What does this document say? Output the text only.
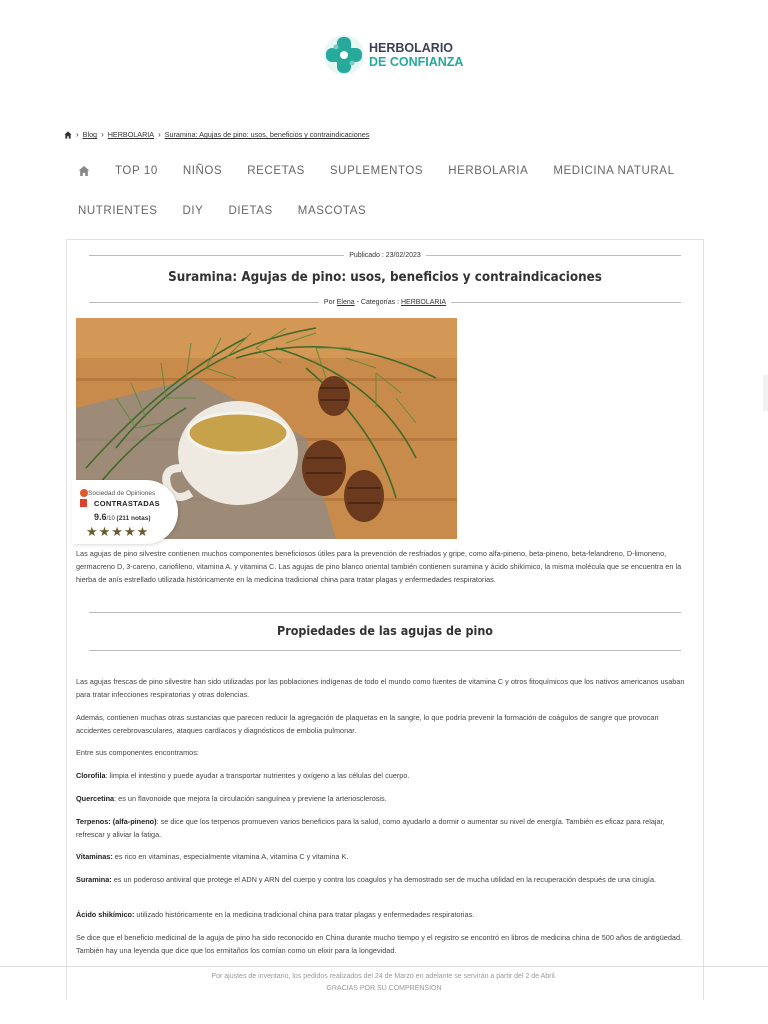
HERBOLARIO
DE CONFIANZA
› Blog › HERBOLARIA › Suramina: Agujas de pino: usos, beneficios y contraindicaciones
TOP 10 NIÑOS RECETAS SUPLEMENTOS HERBOLARIA MEDICINA NATURAL
NUTRIENTES DIY DIETAS MASCOTAS
Publicado : 23/02/2023
Suramina: Agujas de pino: usos, beneficios y contraindicaciones
Por Elena - Categorías : HERBOLARIA
Sociedad de Opiniones
CONTRASTADAS
9.6/10 (211 notas)
★★★★★
Las agujas de pino silvestre contienen muchos componentes beneficiosos útiles para la prevención de resfriados y gripe, como alfa-pineno, beta-pineno, beta-felandreno, D-limoneno, germacreno D, 3-careno, cariofileno, vitamina A. y vitamina C. Las agujas de pino blanco oriental también contienen suramina y ácido shikímico, la misma molécula que se encuentra en la hierba de anís estrellado utilizada históricamente en la medicina tradicional china para tratar plagas y enfermedades respiratorias.
Propiedades de las agujas de pino
Las agujas frescas de pino silvestre han sido utilizadas por las poblaciones indígenas de todo el mundo como fuentes de vitamina C y otros fitoquímicos que los nativos americanos usaban para tratar infecciones respiratorias y otras dolencias.
Además, contienen muchas otras sustancias que parecen reducir la agregación de plaquetas en la sangre, lo que podría prevenir la formación de coágulos de sangre que provocan accidentes cerebrovasculares, ataques cardíacos y diagnósticos de embolia pulmonar.
Entre sus componentes encontramos:
Clorofila: limpia el intestino y puede ayudar a transportar nutrientes y oxígeno a las células del cuerpo.
Quercetina: es un flavonoide que mejora la circulación sanguínea y previene la arteriosclerosis.
Terpenos: (alfa-pineno): se dice que los terpenos promueven varios beneficios para la salud, como ayudarlo a dormir o aumentar su nivel de energía. También es eficaz para relajar, refrescar y aliviar la fatiga.
Vitaminas: es rico en vitaminas, especialmente vitamina A, vitamina C y vitamina K.
Suramina: es un poderoso antiviral que protege el ADN y ARN del cuerpo y contra los coagulos y ha demostrado ser de mucha utilidad en la recuperación después de una cirugía.
Ácido shikímico: utilizado históricamente en la medicina tradicional china para tratar plagas y enfermedades respiratorias.
Se dice que el beneficio medicinal de la aguja de pino ha sido reconocido en China durante mucho tiempo y el registro se encontró en libros de medicina china de 500 años de antigüedad. También hay una leyenda que dice que los ermitaños los comían como un elixir para la longevidad.
Por ajustes de inventario, los pedidos realizados del 24 de Marzo en adelante se servirán a partir del 2 de Abril.
GRACIAS POR SU COMPRENSION
